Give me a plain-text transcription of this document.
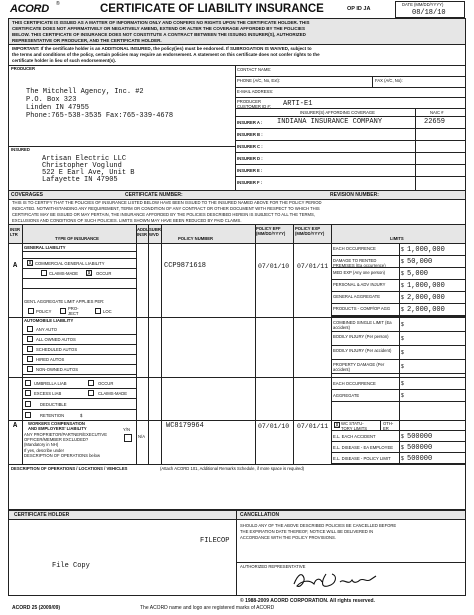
ACORD ®	CERTIFICATE OF LIABILITY INSURANCE	OP ID JA
DATE (MM/DD/YYYY)
08/18/10
THIS CERTIFICATE IS ISSUED AS A MATTER OF INFORMATION ONLY AND CONFERS NO RIGHTS UPON THE CERTIFICATE HOLDER. THIS
CERTIFICATE DOES NOT AFFIRMATIVELY OR NEGATIVELY AMEND, EXTEND OR ALTER THE COVERAGE AFFORDED BY THE POLICIES
BELOW. THIS CERTIFICATE OF INSURANCE DOES NOT CONSTITUTE A CONTRACT BETWEEN THE ISSUING INSURER(S), AUTHORIZED
REPRESENTATIVE OR PRODUCER, AND THE CERTIFICATE HOLDER.
IMPORTANT: If the certificate holder is an ADDITIONAL INSURED, the policy(ies) must be endorsed. If SUBROGATION IS WAIVED, subject to
the terms and conditions of the policy, certain policies may require an endorsement. A statement on this certificate does not confer rights to the
certificate holder in lieu of such endorsement(s).
PRODUCER
The Mitchell Agency, Inc. #2
P.O. Box 323
Linden IN 47955
Phone:765-538-3535 Fax:765-339-4678
CONTACT NAME:
PHONE (A/C, No, Ext):	FAX (A/C, No):
E-MAIL ADDRESS:
PRODUCER CUSTOMER ID #:	ARTI-E1
INSURER(S) AFFORDING COVERAGE	NAIC #
INSURED
Artisan Electric LLC
Christopher Voglund
522 E Earl Ave, Unit B
Lafayette IN 47905
INSURER A : INDIANA INSURANCE COMPANY	22659
INSURER B :
INSURER C :
INSURER D :
INSURER E :
INSURER F :
COVERAGES	CERTIFICATE NUMBER:	REVISION NUMBER:
THIS IS TO CERTIFY THAT THE POLICIES OF INSURANCE LISTED BELOW HAVE BEEN ISSUED TO THE INSURED NAMED ABOVE FOR THE POLICY PERIOD
INDICATED. NOTWITHSTANDING ANY REQUIREMENT, TERM OR CONDITION OF ANY CONTRACT OR OTHER DOCUMENT WITH RESPECT TO WHICH THIS
CERTIFICATE MAY BE ISSUED OR MAY PERTAIN, THE INSURANCE AFFORDED BY THE POLICIES DESCRIBED HEREIN IS SUBJECT TO ALL THE TERMS,
EXCLUSIONS AND CONDITIONS OF SUCH POLICIES. LIMITS SHOWN MAY HAVE BEEN REDUCED BY PAID CLAIMS.
INSR LTR
TYPE OF INSURANCE
ADDL INSR
SUBR WVD
POLICY NUMBER
POLICY EFF (MM/DD/YYYY)
POLICY EXP (MM/DD/YYYY)
LIMITS
A
GENERAL LIABILITY
X COMMERCIAL GENERAL LIABILITY
CLAIMS-MADE X OCCUR
GEN'L AGGREGATE LIMIT APPLIES PER:
POLICY
PRO-JECT	LOC
CCP9871618	07/01/10 07/01/11
EACH OCCURRENCE	$ 1,000,000
DAMAGE TO RENTED PREMISES (Ea occurrence)
$ 50,000
MED EXP (Any one person)	$ 5,000
PERSONAL & ADV INJURY	$ 1,000,000
GENERAL AGGREGATE	$ 2,000,000
PRODUCTS - COMP/OP AGG	$ 2,000,000
AUTOMOBILE LIABILITY
ANY AUTO
ALL OWNED AUTOS
SCHEDULED AUTOS
HIRED AUTOS
NON-OWNED AUTOS
COMBINED SINGLE LIMIT (Ea accident)	$
BODILY INJURY (Per person)	$
BODILY INJURY (Per accident)	$
PROPERTY DAMAGE (Per accident)	$
UMBRELLA LIAB	OCCUR
EXCESS LIAB	CLAIMS-MADE
DEDUCTIBLE
RETENTION	$
EACH OCCURRENCE	$
AGGREGATE	$
A	WORKERS COMPENSATION
AND EMPLOYERS' LIABILITY	Y/N
ANY PROPRIETOR/PARTNER/EXECUTIVE
OFFICER/MEMBER EXCLUDED?
(Mandatory in NH)
If yes, describe under
DESCRIPTION OF OPERATIONS below
N/A
WC8179964	07/01/10 07/01/11 X WC STATU-TORY LIMITS
OTH-ER
E.L. EACH ACCIDENT	$ 500000
E.L. DISEASE - EA EMPLOYEE	$ 500000
E.L. DISEASE - POLICY LIMIT	$ 500000
DESCRIPTION OF OPERATIONS / LOCATIONS / VEHICLES	(Attach ACORD 101, Additional Remarks Schedule, if more space is required)
CERTIFICATE HOLDER	CANCELLATION
FILECOP
File Copy
SHOULD ANY OF THE ABOVE DESCRIBED POLICIES BE CANCELLED BEFORE
THE EXPIRATION DATE THEREOF, NOTICE WILL BE DELIVERED IN
ACCORDANCE WITH THE POLICY PROVISIONS.
AUTHORIZED REPRESENTATIVE
© 1988-2009 ACORD CORPORATION. All rights reserved.
ACORD 25 (2009/09)	The ACORD name and logo are registered marks of ACORD
